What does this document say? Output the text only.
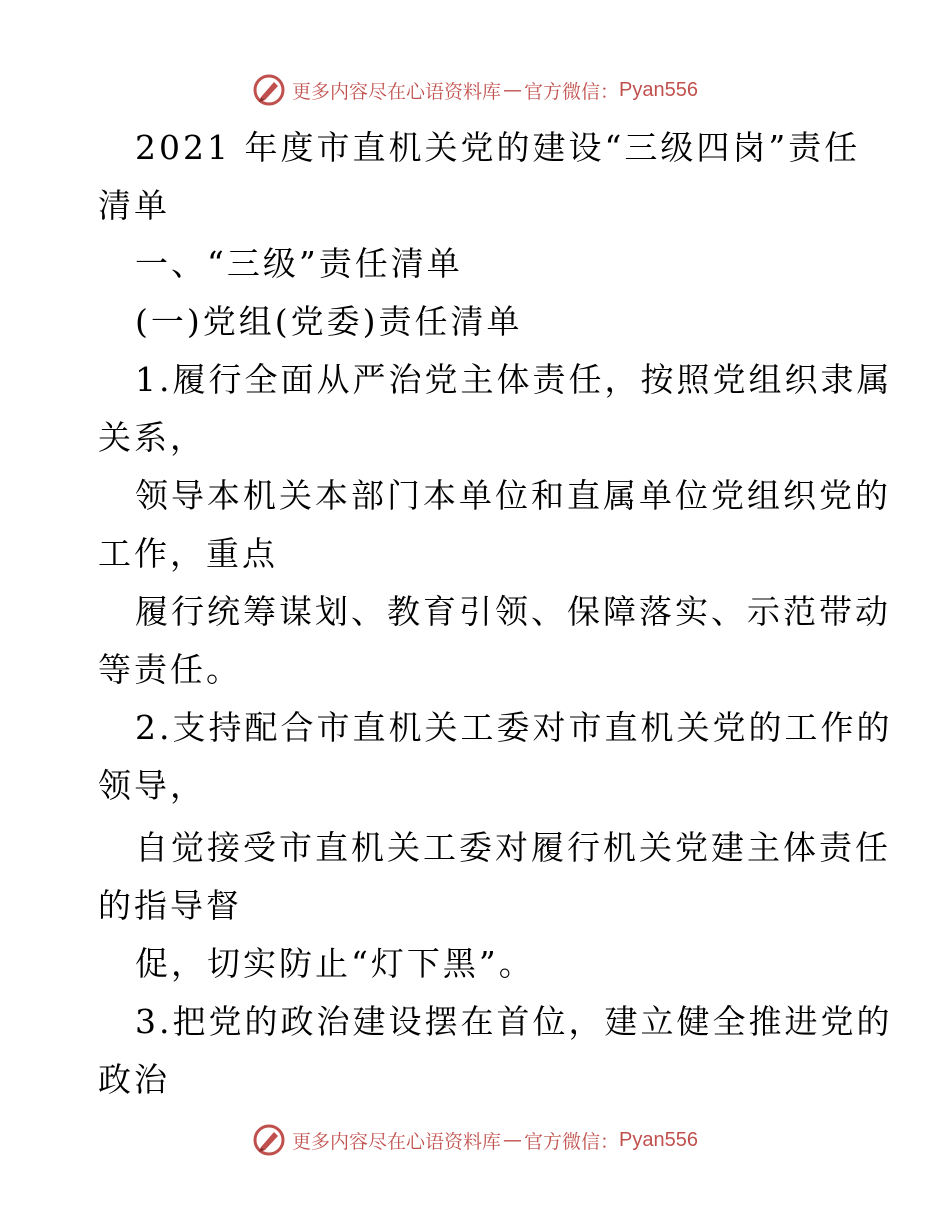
更多内容尽在心语资料库 — 官方微信： Pyan556
2021 年度市直机关党的建设“三级四岗”责任
清单
一、“三级”责任清单
(一)党组(党委)责任清单
1.履行全面从严治党主体责任，按照党组织隶属
关系，
领导本机关本部门本单位和直属单位党组织党的
工作，重点
履行统筹谋划、教育引领、保障落实、示范带动
等责任。
2.支持配合市直机关工委对市直机关党的工作的
领导，
自觉接受市直机关工委对履行机关党建主体责任
的指导督
促，切实防止“灯下黑”。
3.把党的政治建设摆在首位，建立健全推进党的
政治
更多内容尽在心语资料库 — 官方微信： Pyan556
